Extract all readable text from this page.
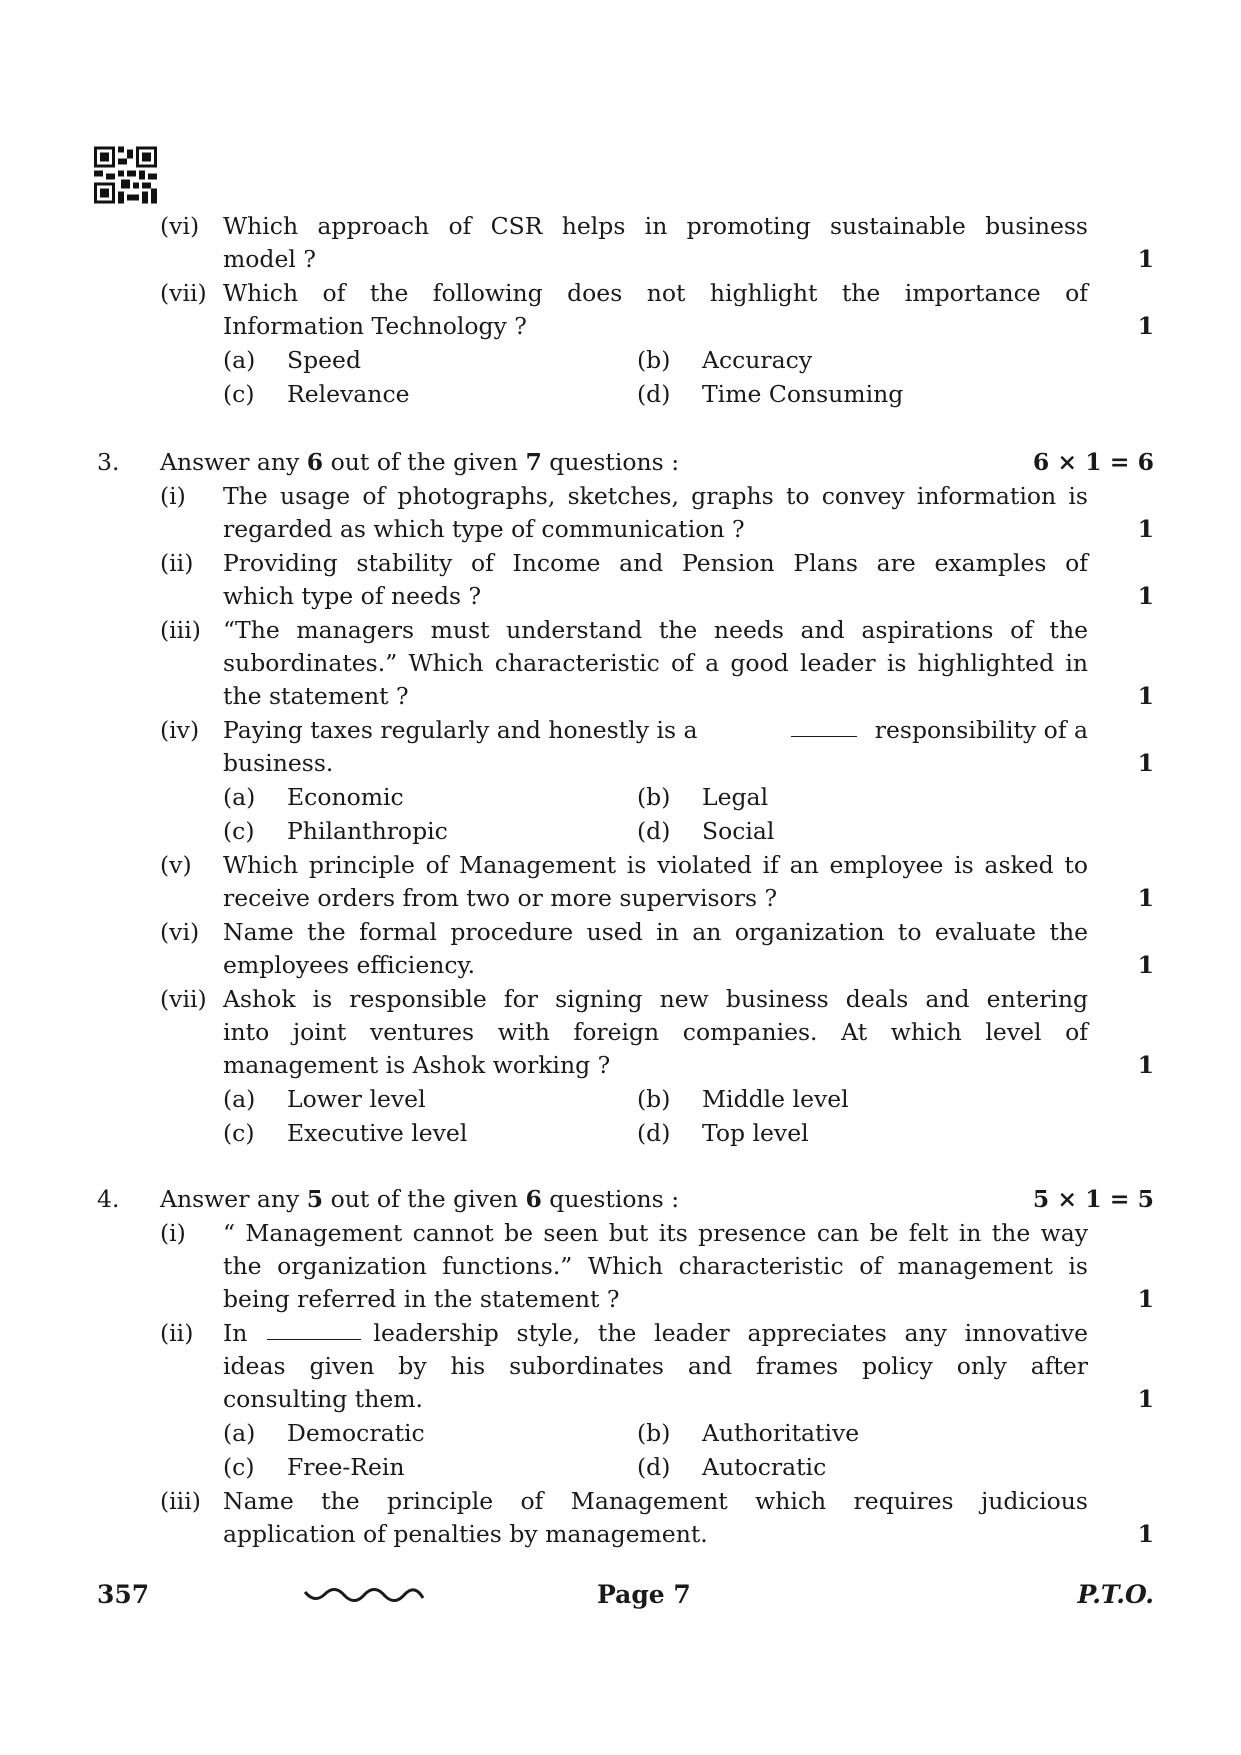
(vi) Which approach of CSR helps in promoting sustainable business
model ?	1
(vii) Which of the following does not highlight the importance of
Information Technology ?	1
(a) Speed	(b) Accuracy
(c) Relevance	(d) Time Consuming
3. Answer any 6 out of the given 7 questions :	6 × 1 = 6
(i) The usage of photographs, sketches, graphs to convey information is
regarded as which type of communication ?	1
(ii) Providing stability of Income and Pension Plans are examples of
which type of needs ?	1
(iii) “The managers must understand the needs and aspirations of the
subordinates.” Which characteristic of a good leader is highlighted in
the statement ?	1
(iv) Paying taxes regularly and honestly is a	responsibility of a
business.	1
(a) Economic	(b) Legal
(c) Philanthropic	(d) Social
(v) Which principle of Management is violated if an employee is asked to
receive orders from two or more supervisors ?	1
(vi) Name the formal procedure used in an organization to evaluate the
employees efficiency.	1
(vii) Ashok is responsible for signing new business deals and entering
into joint ventures with foreign companies. At which level of
management is Ashok working ?	1
(a) Lower level	(b) Middle level
(c) Executive level	(d) Top level
4. Answer any 5 out of the given 6 questions :	5 × 1 = 5
(i) “ Management cannot be seen but its presence can be felt in the way
the organization functions.” Which characteristic of management is
being referred in the statement ?	1
(ii) In	leadership style, the leader appreciates any innovative
ideas given by his subordinates and frames policy only after
consulting them.	1
(a) Democratic	(b) Authoritative
(c) Free-Rein	(d) Autocratic
(iii) Name the principle of Management which requires judicious
application of penalties by management.	1
357	Page 7	P.T.O.
